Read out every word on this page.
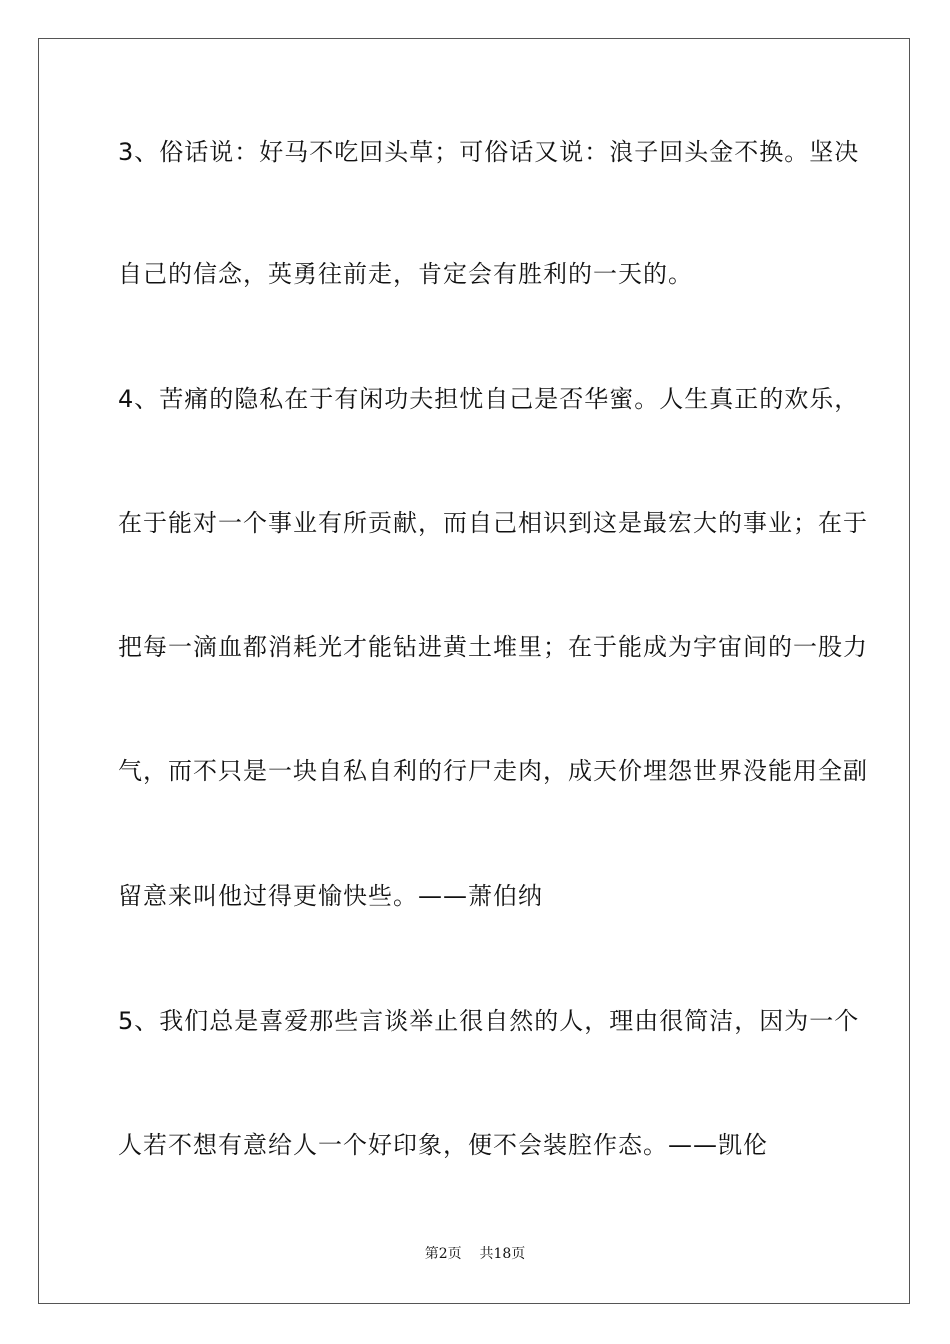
3、俗话说：好马不吃回头草；可俗话又说：浪子回头金不换。坚决
自己的信念，英勇往前走，肯定会有胜利的一天的。
4、苦痛的隐私在于有闲功夫担忧自己是否华蜜。人生真正的欢乐，
在于能对一个事业有所贡献，而自己相识到这是最宏大的事业；在于
把每一滴血都消耗光才能钻进黄土堆里；在于能成为宇宙间的一股力
气，而不只是一块自私自利的行尸走肉，成天价埋怨世界没能用全副
留意来叫他过得更愉快些。——萧伯纳
5、我们总是喜爱那些言谈举止很自然的人，理由很简洁，因为一个
人若不想有意给人一个好印象，便不会装腔作态。——凯伦
第2页 共18页
